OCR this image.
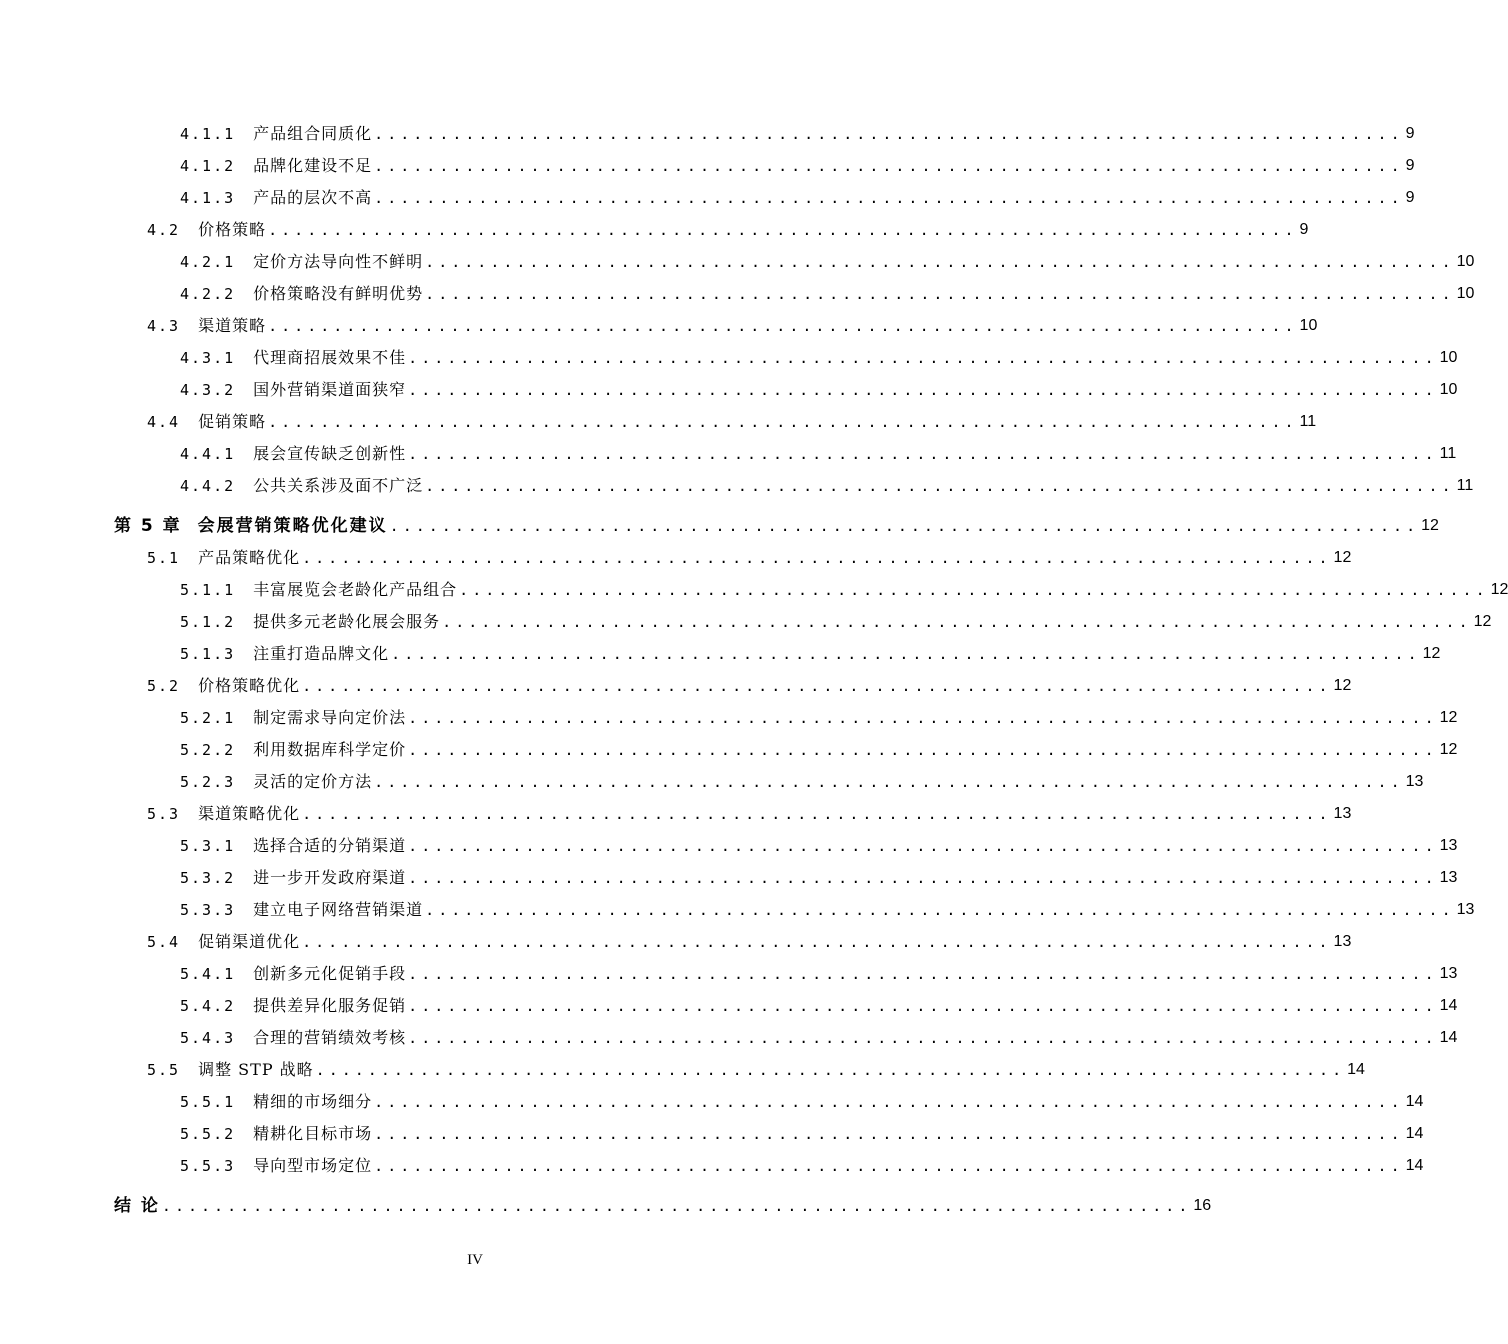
4.1.1 产品组合同质化 ............................................................................... 9
4.1.2 品牌化建设不足 ............................................................................... 9
4.1.3 产品的层次不高 ............................................................................... 9
4.2 价格策略 ............................................................................... 9
4.2.1 定价方法导向性不鲜明 ............................................................................... 10
4.2.2 价格策略没有鲜明优势 ............................................................................... 10
4.3 渠道策略 ............................................................................... 10
4.3.1 代理商招展效果不佳 ............................................................................... 10
4.3.2 国外营销渠道面狭窄 ............................................................................... 10
4.4 促销策略 ............................................................................... 11
4.4.1 展会宣传缺乏创新性 ............................................................................... 11
4.4.2 公共关系涉及面不广泛 ............................................................................... 11
第 5 章 会展营销策略优化建议 ............................................................................... 12
5.1 产品策略优化 ............................................................................... 12
5.1.1 丰富展览会老龄化产品组合 ............................................................................... 12
5.1.2 提供多元老龄化展会服务 ............................................................................... 12
5.1.3 注重打造品牌文化 ............................................................................... 12
5.2 价格策略优化 ............................................................................... 12
5.2.1 制定需求导向定价法 ............................................................................... 12
5.2.2 利用数据库科学定价 ............................................................................... 12
5.2.3 灵活的定价方法 ............................................................................... 13
5.3 渠道策略优化 ............................................................................... 13
5.3.1 选择合适的分销渠道 ............................................................................... 13
5.3.2 进一步开发政府渠道 ............................................................................... 13
5.3.3 建立电子网络营销渠道 ............................................................................... 13
5.4 促销渠道优化 ............................................................................... 13
5.4.1 创新多元化促销手段 ............................................................................... 13
5.4.2 提供差异化服务促销 ............................................................................... 14
5.4.3 合理的营销绩效考核 ............................................................................... 14
5.5 调整 STP 战略 ............................................................................... 14
5.5.1 精细的市场细分 ............................................................................... 14
5.5.2 精耕化目标市场 ............................................................................... 14
5.5.3 导向型市场定位 ............................................................................... 14
结 论 ............................................................................... 16
IV
